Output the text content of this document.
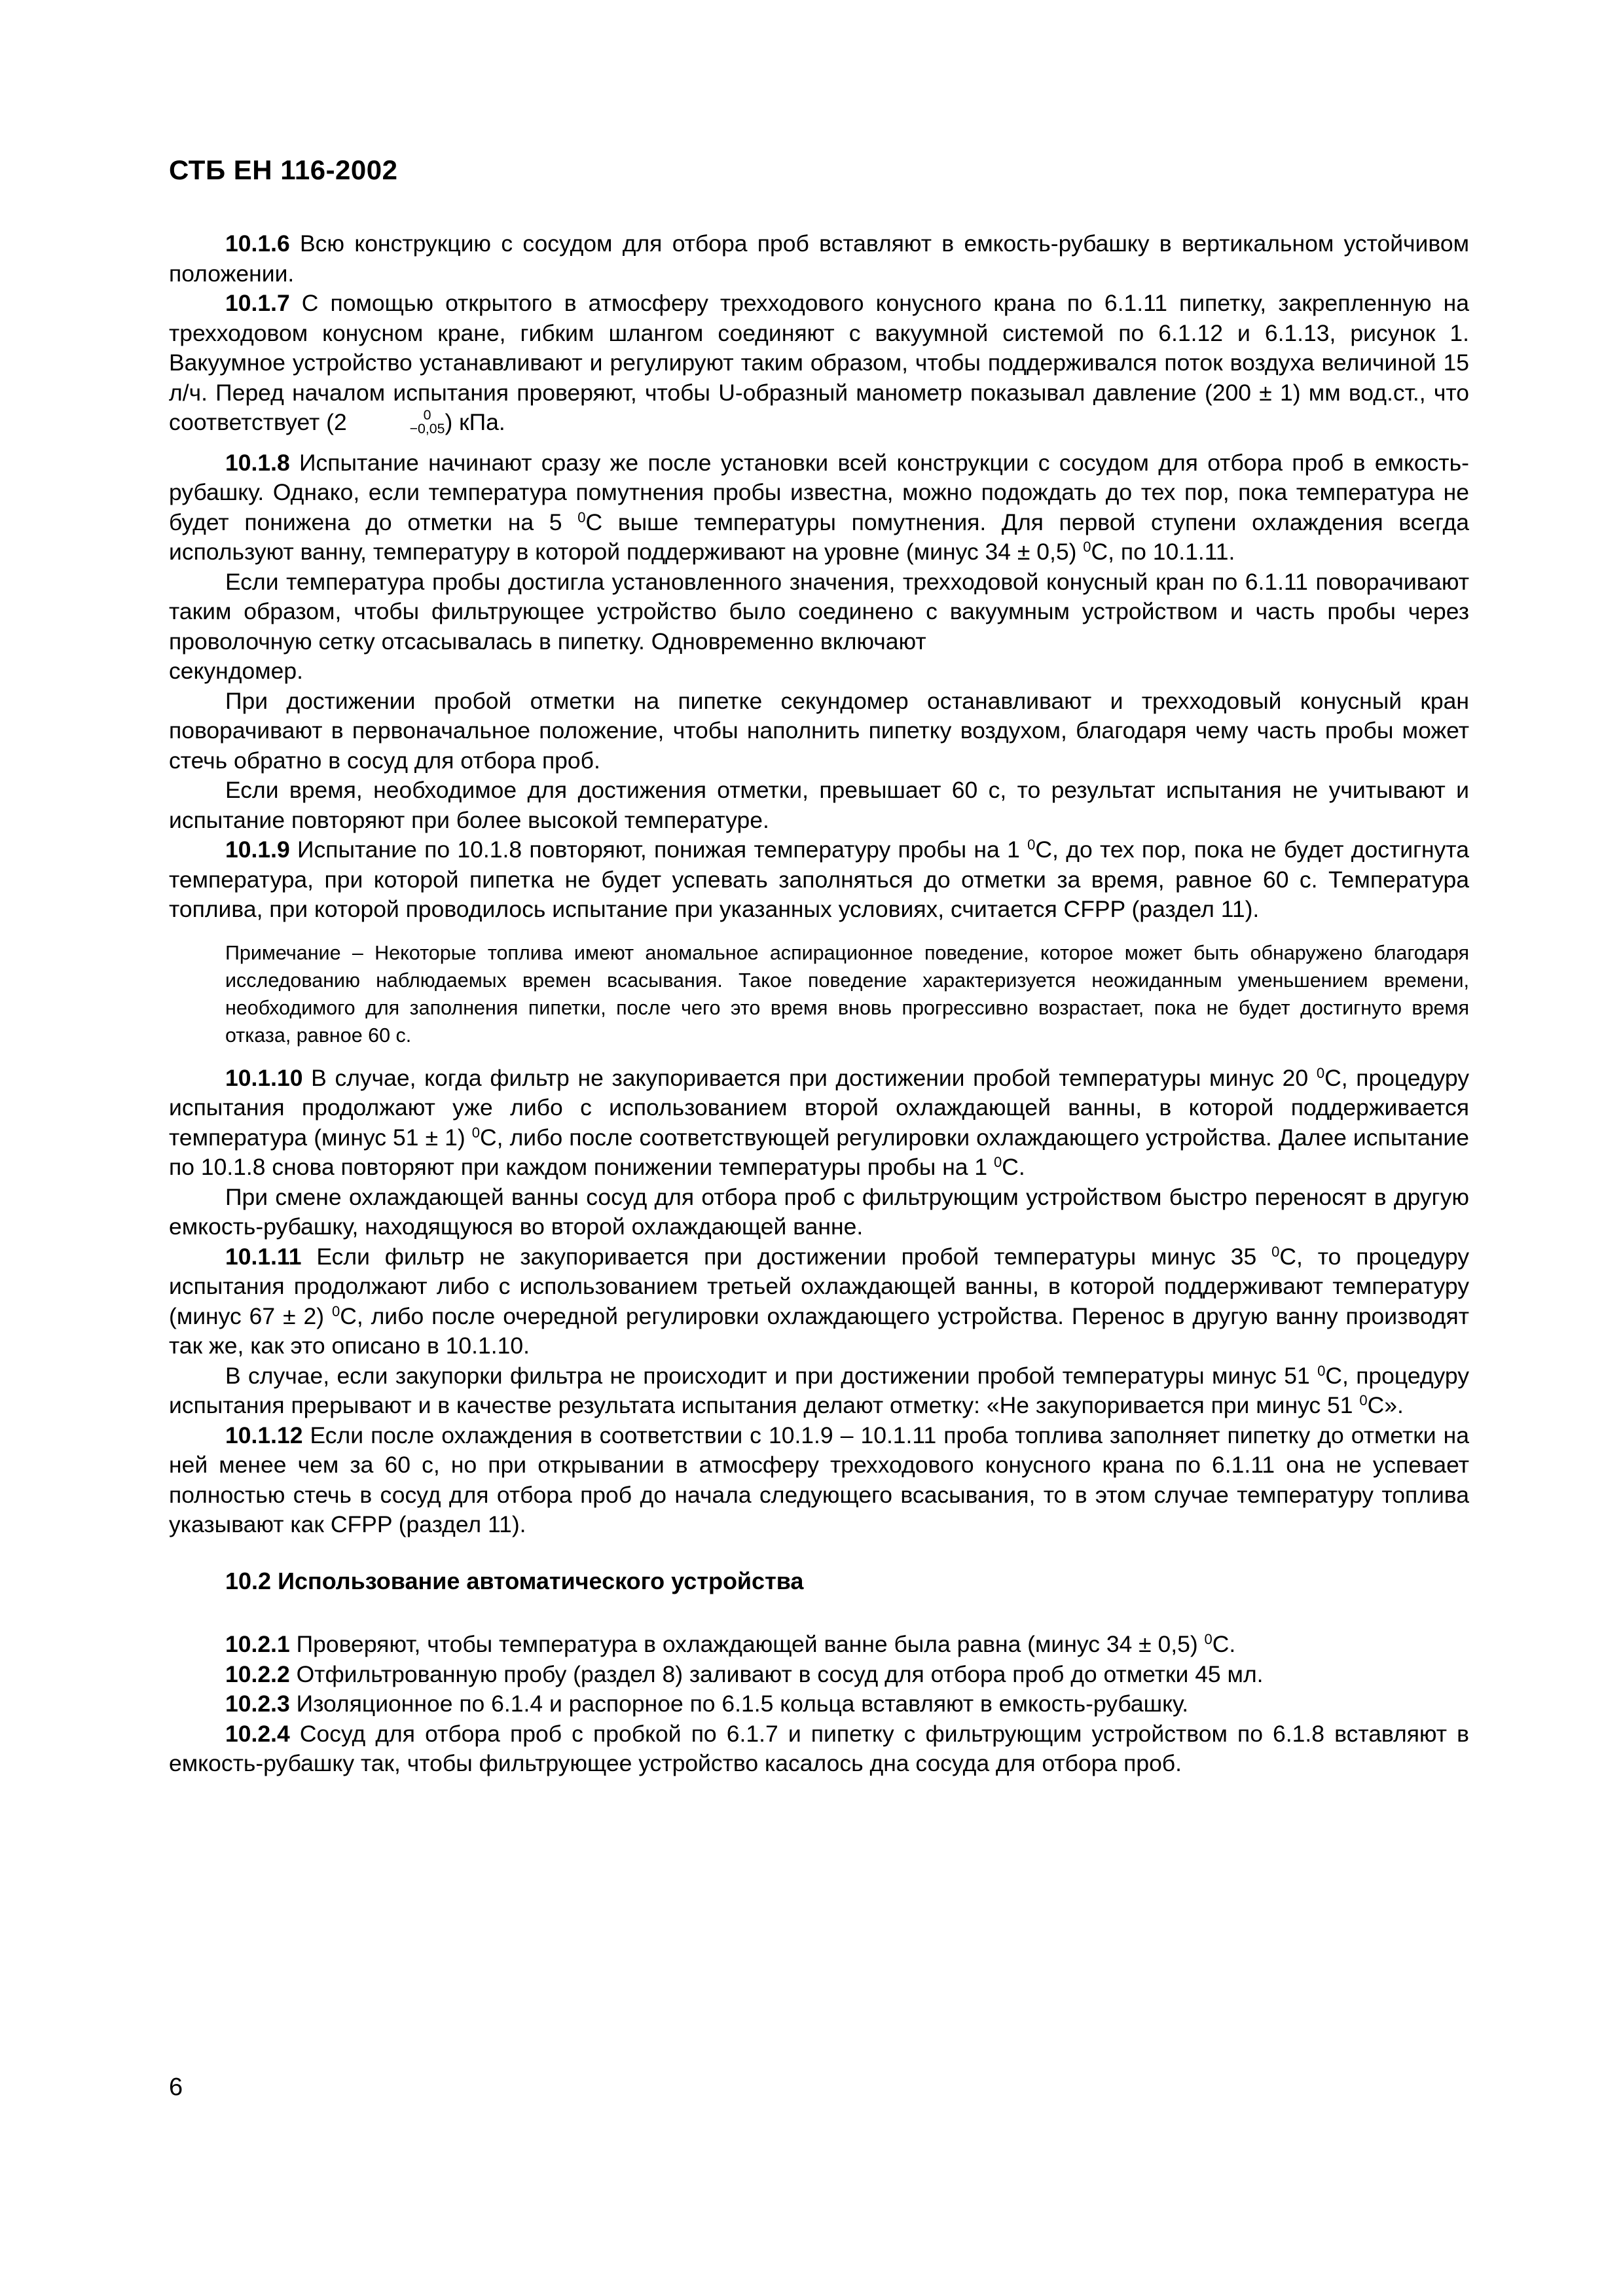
СТБ ЕН 116-2002

10.1.6 Всю конструкцию с сосудом для отбора проб вставляют в емкость-рубашку в вертикальном устойчивом положении.

10.1.7 С помощью открытого в атмосферу трехходового конусного крана по 6.1.11 пипетку, закрепленную на трехходовом конусном кране, гибким шлангом соединяют с вакуумной системой по 6.1.12 и 6.1.13, рисунок 1. Вакуумное устройство устанавливают и регулируют таким образом, чтобы поддерживался поток воздуха величиной 15 л/ч. Перед началом испытания проверяют, чтобы U-образный манометр показывал давление (200 ± 1) мм вод.ст., что соответствует (2	0
−0,05 ) кПа.

10.1.8 Испытание начинают сразу же после установки всей конструкции с сосудом для отбора проб в емкость-рубашку. Однако, если температура помутнения пробы известна, можно подождать до тех пор, пока температура не будет понижена до отметки на 5 $^0$С выше температуры помутнения. Для первой ступени охлаждения всегда используют ванну, температуру в которой поддерживают на уровне (минус 34 ± 0,5) $^0$С, по 10.1.11.

Если температура пробы достигла установленного значения, трехходовой конусный кран по 6.1.11 поворачивают таким образом, чтобы фильтрующее устройство было соединено с вакуумным устройством и часть пробы через проволочную сетку отсасывалась в пипетку. Одновременно включают

секундомер.

При достижении пробой отметки на пипетке секундомер останавливают и трехходовый конусный кран поворачивают в первоначальное положение, чтобы наполнить пипетку воздухом, благодаря чему часть пробы может стечь обратно в сосуд для отбора проб.

Если время, необходимое для достижения отметки, превышает 60 с, то результат испытания не учитывают и испытание повторяют при более высокой температуре.

10.1.9 Испытание по 10.1.8 повторяют, понижая температуру пробы на 1 $^0$С, до тех пор, пока не будет достигнута температура, при которой пипетка не будет успевать заполняться до отметки за время, равное 60 с. Температура топлива, при которой проводилось испытание при указанных условиях, считается CFPP (раздел 11).

Примечание – Некоторые топлива имеют аномальное аспирационное поведение, которое может быть обнаружено благодаря исследованию наблюдаемых времен всасывания. Такое поведение характеризуется неожиданным уменьшением времени, необходимого для заполнения пипетки, после чего это время вновь прогрессивно возрастает, пока не будет достигнуто время отказа, равное 60 с.

10.1.10 В случае, когда фильтр не закупоривается при достижении пробой температуры минус 20 $^0$С, процедуру испытания продолжают уже либо с использованием второй охлаждающей ванны, в которой поддерживается температура (минус 51 ± 1) $^0$С, либо после соответствующей регулировки охлаждающего устройства. Далее испытание по 10.1.8 снова повторяют при каждом понижении температуры пробы на 1 $^0$С.

При смене охлаждающей ванны сосуд для отбора проб с фильтрующим устройством быстро переносят в другую емкость-рубашку, находящуюся во второй охлаждающей ванне.

10.1.11 Если фильтр не закупоривается при достижении пробой температуры минус 35 $^0$С, то процедуру испытания продолжают либо с использованием третьей охлаждающей ванны, в которой поддерживают температуру (минус 67 ± 2) $^0$С, либо после очередной регулировки охлаждающего устройства. Перенос в другую ванну производят так же, как это описано в 10.1.10.

В случае, если закупорки фильтра не происходит и при достижении пробой температуры минус 51 $^0$С, процедуру испытания прерывают и в качестве результата испытания делают отметку: «Не закупоривается при минус 51 $^0$С».

10.1.12 Если после охлаждения в соответствии с 10.1.9 – 10.1.11 проба топлива заполняет пипетку до отметки на ней менее чем за 60 с, но при открывании в атмосферу трехходового конусного крана по 6.1.11 она не успевает полностью стечь в сосуд для отбора проб до начала следующего всасывания, то в этом случае температуру топлива указывают как CFPP (раздел 11).

10.2 Использование автоматического устройства

10.2.1 Проверяют, чтобы температура в охлаждающей ванне была равна (минус 34 ± 0,5) $^0$С.

10.2.2 Отфильтрованную пробу (раздел 8) заливают в сосуд для отбора проб до отметки 45 мл.

10.2.3 Изоляционное по 6.1.4 и распорное по 6.1.5 кольца вставляют в емкость-рубашку.

10.2.4 Сосуд для отбора проб с пробкой по 6.1.7 и пипетку с фильтрующим устройством по 6.1.8 вставляют в емкость-рубашку так, чтобы фильтрующее устройство касалось дна сосуда для отбора проб.

6
